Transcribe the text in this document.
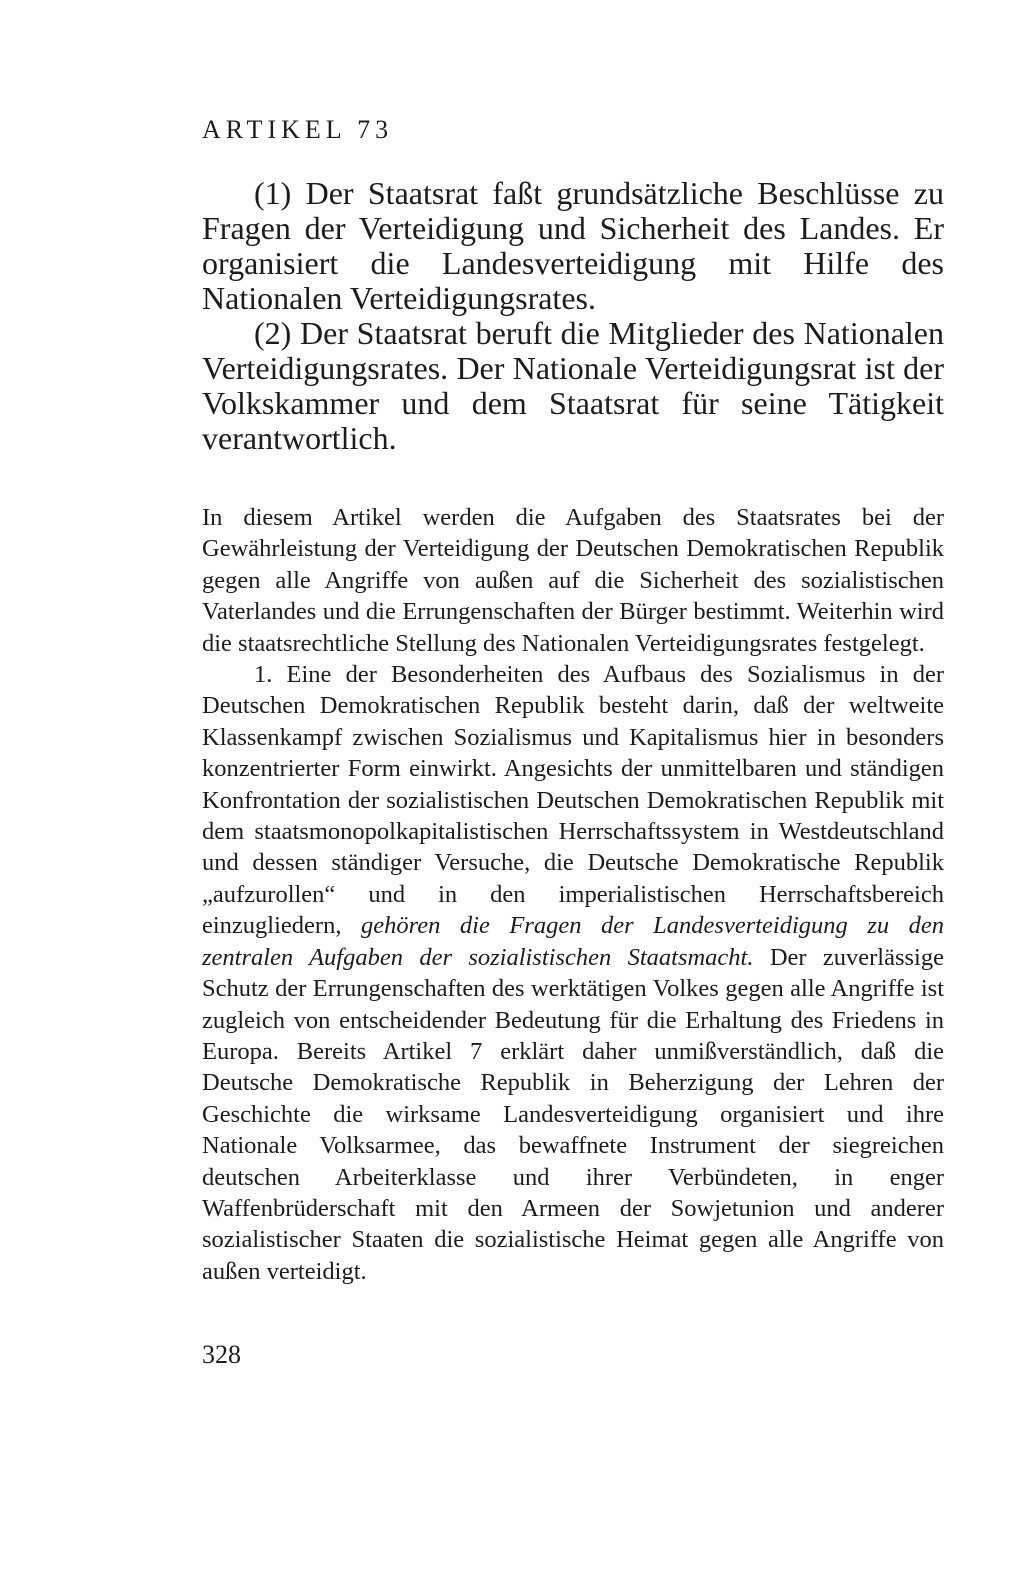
ARTIKEL 73

(1) Der Staatsrat faßt grundsätzliche Beschlüsse zu Fragen der Verteidigung und Sicherheit des Landes. Er organisiert die Landesverteidigung mit Hilfe des Nationalen Verteidigungsrates.

(2) Der Staatsrat beruft die Mitglieder des Nationalen Verteidigungsrates. Der Nationale Verteidigungsrat ist der Volkskammer und dem Staatsrat für seine Tätigkeit verantwortlich.

In diesem Artikel werden die Aufgaben des Staatsrates bei der Gewährleistung der Verteidigung der Deutschen Demokratischen Republik gegen alle Angriffe von außen auf die Sicherheit des sozialistischen Vaterlandes und die Errungenschaften der Bürger bestimmt. Weiterhin wird die staatsrechtliche Stellung des Nationalen Verteidigungsrates festgelegt.

1. Eine der Besonderheiten des Aufbaus des Sozialismus in der Deutschen Demokratischen Republik besteht darin, daß der weltweite Klassenkampf zwischen Sozialismus und Kapitalismus hier in besonders konzentrierter Form einwirkt. Angesichts der unmittelbaren und ständigen Konfrontation der sozialistischen Deutschen Demokratischen Republik mit dem staatsmonopolkapitalistischen Herrschaftssystem in Westdeutschland und dessen ständiger Versuche, die Deutsche Demokratische Republik „aufzurollen“ und in den imperialistischen Herrschaftsbereich einzugliedern, gehören die Fragen der Landesverteidigung zu den zentralen Aufgaben der sozialistischen Staatsmacht. Der zuverlässige Schutz der Errungenschaften des werktätigen Volkes gegen alle Angriffe ist zugleich von entscheidender Bedeutung für die Erhaltung des Friedens in Europa. Bereits Artikel 7 erklärt daher unmißverständlich, daß die Deutsche Demokratische Republik in Beherzigung der Lehren der Geschichte die wirksame Landesverteidigung organisiert und ihre Nationale Volksarmee, das bewaffnete Instrument der siegreichen deutschen Arbeiterklasse und ihrer Verbündeten, in enger Waffenbrüderschaft mit den Armeen der Sowjetunion und anderer sozialistischer Staaten die sozialistische Heimat gegen alle Angriffe von außen verteidigt.

328
